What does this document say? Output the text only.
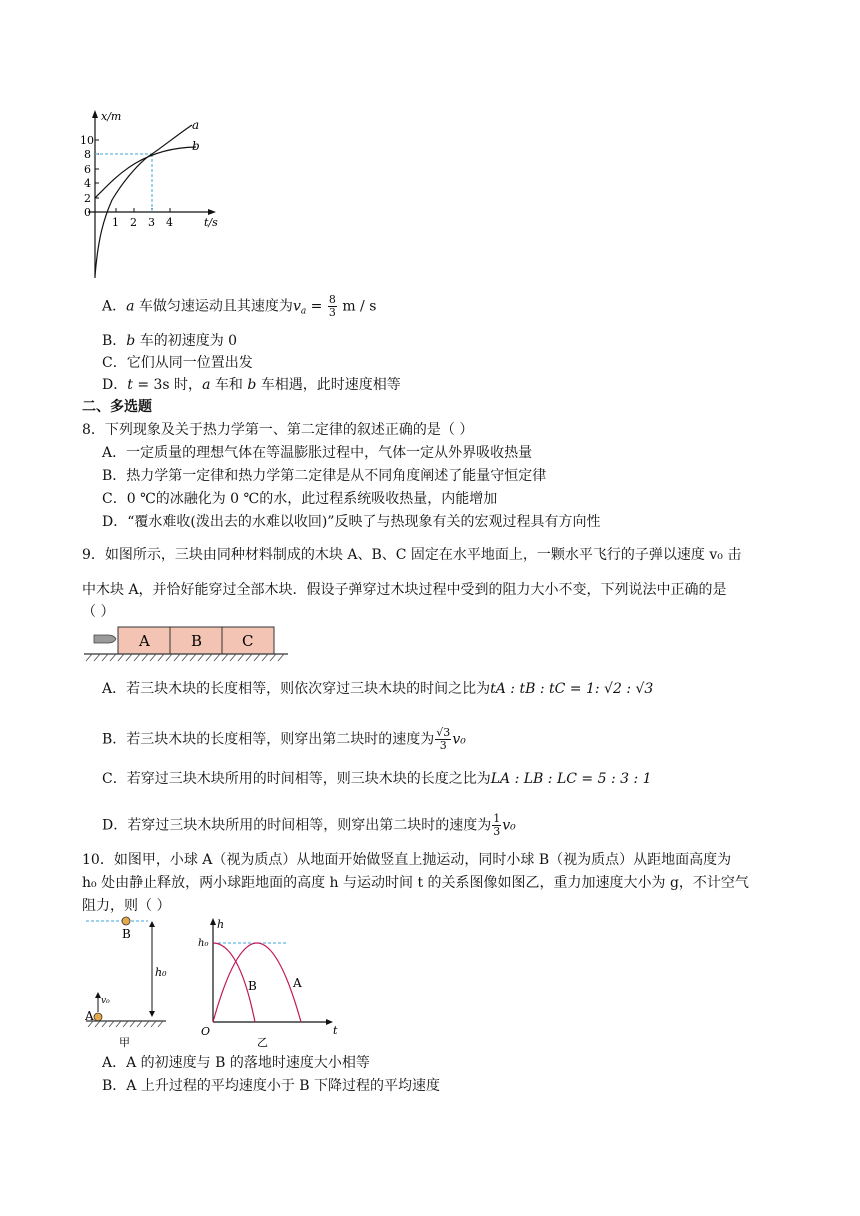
x/m
t/s
10
8
6
4
2
0
1 2 3 4
a
b
A．a 车做匀速运动且其速度为$v_a = \frac{8}{3}$ m / s
B．b 车的初速度为 0
C．它们从同一位置出发
D．t = 3s 时，a 车和 b 车相遇，此时速度相等
二、多选题
8．下列现象及关于热力学第一、第二定律的叙述正确的是（ ）
A．一定质量的理想气体在等温膨胀过程中，气体一定从外界吸收热量
B．热力学第一定律和热力学第二定律是从不同角度阐述了能量守恒定律
C．0 ℃的冰融化为 0 ℃的水，此过程系统吸收热量，内能增加
D．“覆水难收(泼出去的水难以收回)”反映了与热现象有关的宏观过程具有方向性
9．如图所示，三块由同种材料制成的木块 A、B、C 固定在水平地面上，一颗水平飞行的子弹以速度 v₀ 击
中木块 A，并恰好能穿过全部木块．假设子弹穿过木块过程中受到的阻力大小不变，下列说法中正确的是
（ ）
A	B	C
A．若三块木块的长度相等，则依次穿过三块木块的时间之比为tA : tB : tC = 1: √2 : √3
B．若三块木块的长度相等，则穿出第二块时的速度为 $\frac{√3}{3} v_0$
C．若穿过三块木块所用的时间相等，则三块木块的长度之比为LA : LB : LC = 5 : 3 : 1
D．若穿过三块木块所用的时间相等，则穿出第二块时的速度为 $\frac{1}{3} v_0$
10．如图甲，小球 A（视为质点）从地面开始做竖直上抛运动，同时小球 B（视为质点）从距地面高度为
h₀ 处由静止释放，两小球距地面的高度 h 与运动时间 t 的关系图像如图乙，重力加速度大小为 g，不计空气
阻力，则（ ）
B
h₀
v₀
A
甲
h
t
O
h₀
B	A
乙
A．A 的初速度与 B 的落地时速度大小相等
B．A 上升过程的平均速度小于 B 下降过程的平均速度
